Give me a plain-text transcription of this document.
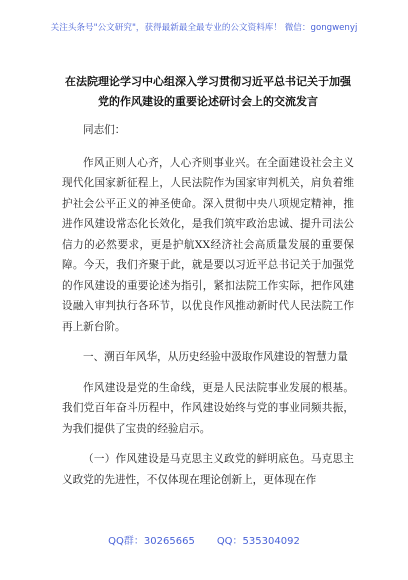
关注头条号"公文研究"，获得最新最全最专业的公文资料库！ 微信：gongwenyj
在法院理论学习中心组深入学习贯彻习近平总书记关于加强党的作风建设的重要论述研讨会上的交流发言

同志们：

作风正则人心齐，人心齐则事业兴。在全面建设社会主义现代化国家新征程上，人民法院作为国家审判机关，肩负着维护社会公平正义的神圣使命。深入贯彻中央八项规定精神，推进作风建设常态化长效化，是我们筑牢政治忠诚、提升司法公信力的必然要求，更是护航XX经济社会高质量发展的重要保障。今天，我们齐聚于此，就是要以习近平总书记关于加强党的作风建设的重要论述为指引，紧扣法院工作实际，把作风建设融入审判执行各环节，以优良作风推动新时代人民法院工作再上新台阶。

一、溯百年风华，从历史经验中汲取作风建设的智慧力量

作风建设是党的生命线，更是人民法院事业发展的根基。我们党百年奋斗历程中，作风建设始终与党的事业同频共振，为我们提供了宝贵的经验启示。

（一）作风建设是马克思主义政党的鲜明底色。马克思主义政党的先进性，不仅体现在理论创新上，更体现在作

QQ群：30265665 QQ：535304092
